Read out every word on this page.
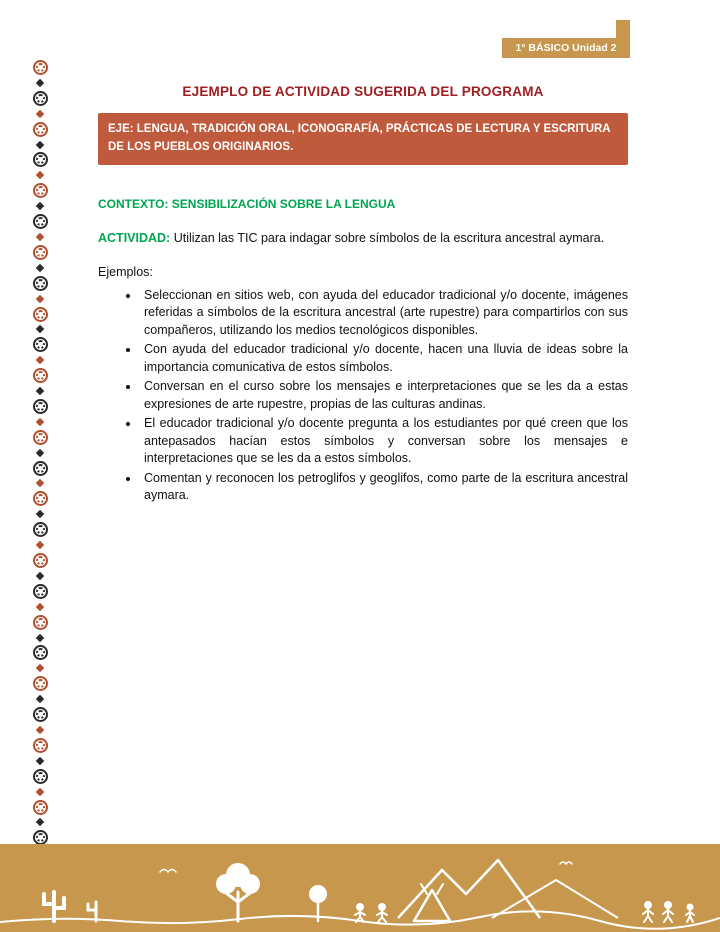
1° BÁSICO Unidad 2
EJEMPLO DE ACTIVIDAD SUGERIDA DEL PROGRAMA
EJE: LENGUA, TRADICIÓN ORAL, ICONOGRAFÍA, PRÁCTICAS DE LECTURA Y ESCRITURA DE LOS PUEBLOS ORIGINARIOS.
CONTEXTO: SENSIBILIZACIÓN SOBRE LA LENGUA

ACTIVIDAD: Utilizan las TIC para indagar sobre símbolos de la escritura ancestral aymara.

Ejemplos:

• Seleccionan en sitios web, con ayuda del educador tradicional y/o docente, imágenes referidas a símbolos de la escritura ancestral (arte rupestre) para compartirlos con sus compañeros, utilizando los medios tecnológicos disponibles.
• Con ayuda del educador tradicional y/o docente, hacen una lluvia de ideas sobre la importancia comunicativa de estos símbolos.
• Conversan en el curso sobre los mensajes e interpretaciones que se les da a estas expresiones de arte rupestre, propias de las culturas andinas.
• El educador tradicional y/o docente pregunta a los estudiantes por qué creen que los antepasados hacían estos símbolos y conversan sobre los mensajes e interpretaciones que se les da a estos símbolos.
• Comentan y reconocen los petroglifos y geoglifos, como parte de la escritura ancestral aymara.
